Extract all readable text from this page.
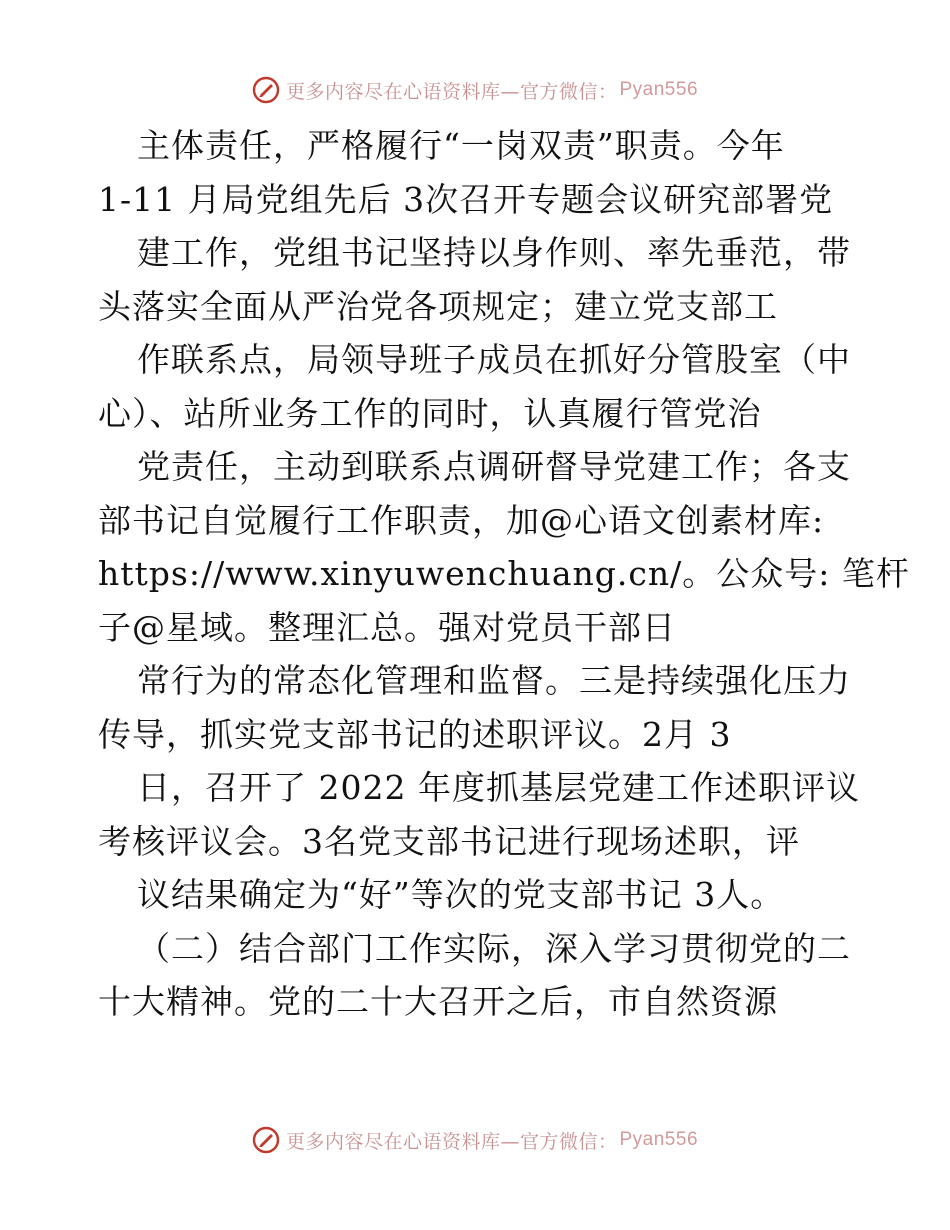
更多内容尽在心语资料库—官方微信： Pyan556
主体责任，严格履行“一岗双责”职责。今年
1-11 月局党组先后 3次召开专题会议研究部署党
建工作，党组书记坚持以身作则、率先垂范，带
头落实全面从严治党各项规定；建立党支部工
作联系点，局领导班子成员在抓好分管股室（中
心）、站所业务工作的同时，认真履行管党治
党责任，主动到联系点调研督导党建工作；各支
部书记自觉履行工作职责，加@心语文创素材库:
https://www.xinyuwenchuang.cn/。公众号: 笔杆
子@星域。整理汇总。强对党员干部日
常行为的常态化管理和监督。三是持续强化压力
传导，抓实党支部书记的述职评议。2月 3
日，召开了 2022 年度抓基层党建工作述职评议
考核评议会。3名党支部书记进行现场述职，评
议结果确定为“好”等次的党支部书记 3人。
（二）结合部门工作实际，深入学习贯彻党的二
十大精神。党的二十大召开之后，市自然资源
更多内容尽在心语资料库—官方微信： Pyan556
